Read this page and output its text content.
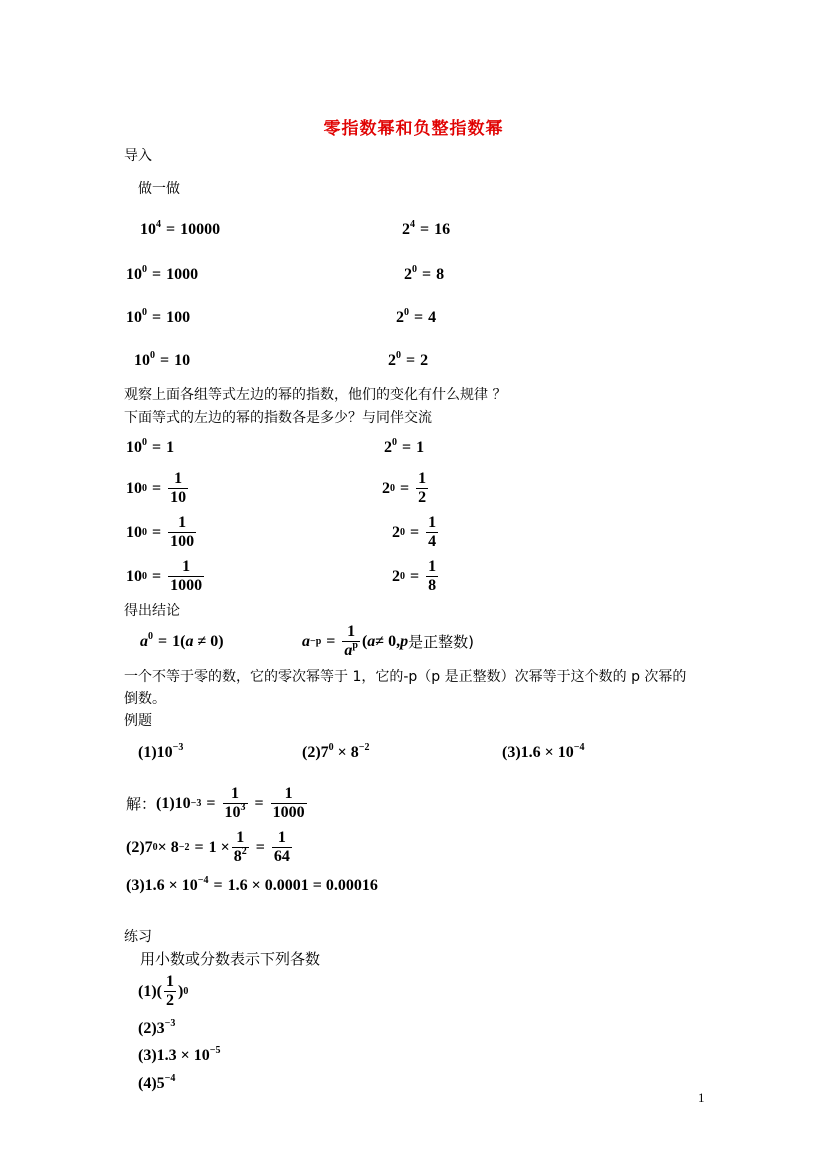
零指数幂和负整指数幂
导入
做一做
$10^4 = 10000$	$2^4 = 16$
$10^0 = 1000$	$2^0 = 8$
$10^0 = 100$	$2^0 = 4$
$10^0 = 10$	$2^0 = 2$
观察上面各组等式左边的幂的指数，他们的变化有什么规律 ？
下面等式的左边的幂的指数各是多少？与同伴交流
$10^0 = 1$	$2^0 = 1$
10 $0 = \frac{1}{10}$	2 $0 = \frac{1}{2}$
10 $0 = \frac{1}{100}$	2 $0 = \frac{1}{4}$
10 $0 = \frac{1}{1000}$	2 $0 = \frac{1}{8}$
得出结论
$a^0 = 1(a \ne 0)$	$a -p = \frac{1}{a^p}$ ( a ≠ 0, p 是正整数)
一个不等于零的数，它的零次幂等于 1，它的-p（p 是正整数）次幂等于这个数的 p 次幂的
倒数。
例题
$(1)10^{-3}$	$(2)7^0 \times 8^{-2}$	$(3)1.6 \times 10^{-4}$
解： $(1)10 -3 = \frac{1}{10^3} = \frac{1}{1000}$
(2)7 $0 \times 8 -2 = 1 \times \frac{1}{8^2} = \frac{1}{64}$
$(3)1.6 \times 10^{-4} = 1.6 \times 0.0001 = 0.00016$
练习
用小数或分数表示下列各数
$(1)( \frac{1}{2}$ ) 0
$(2)3^{-3}$
$(3)1.3 \times 10^{-5}$
$(4)5^{-4}$
1
